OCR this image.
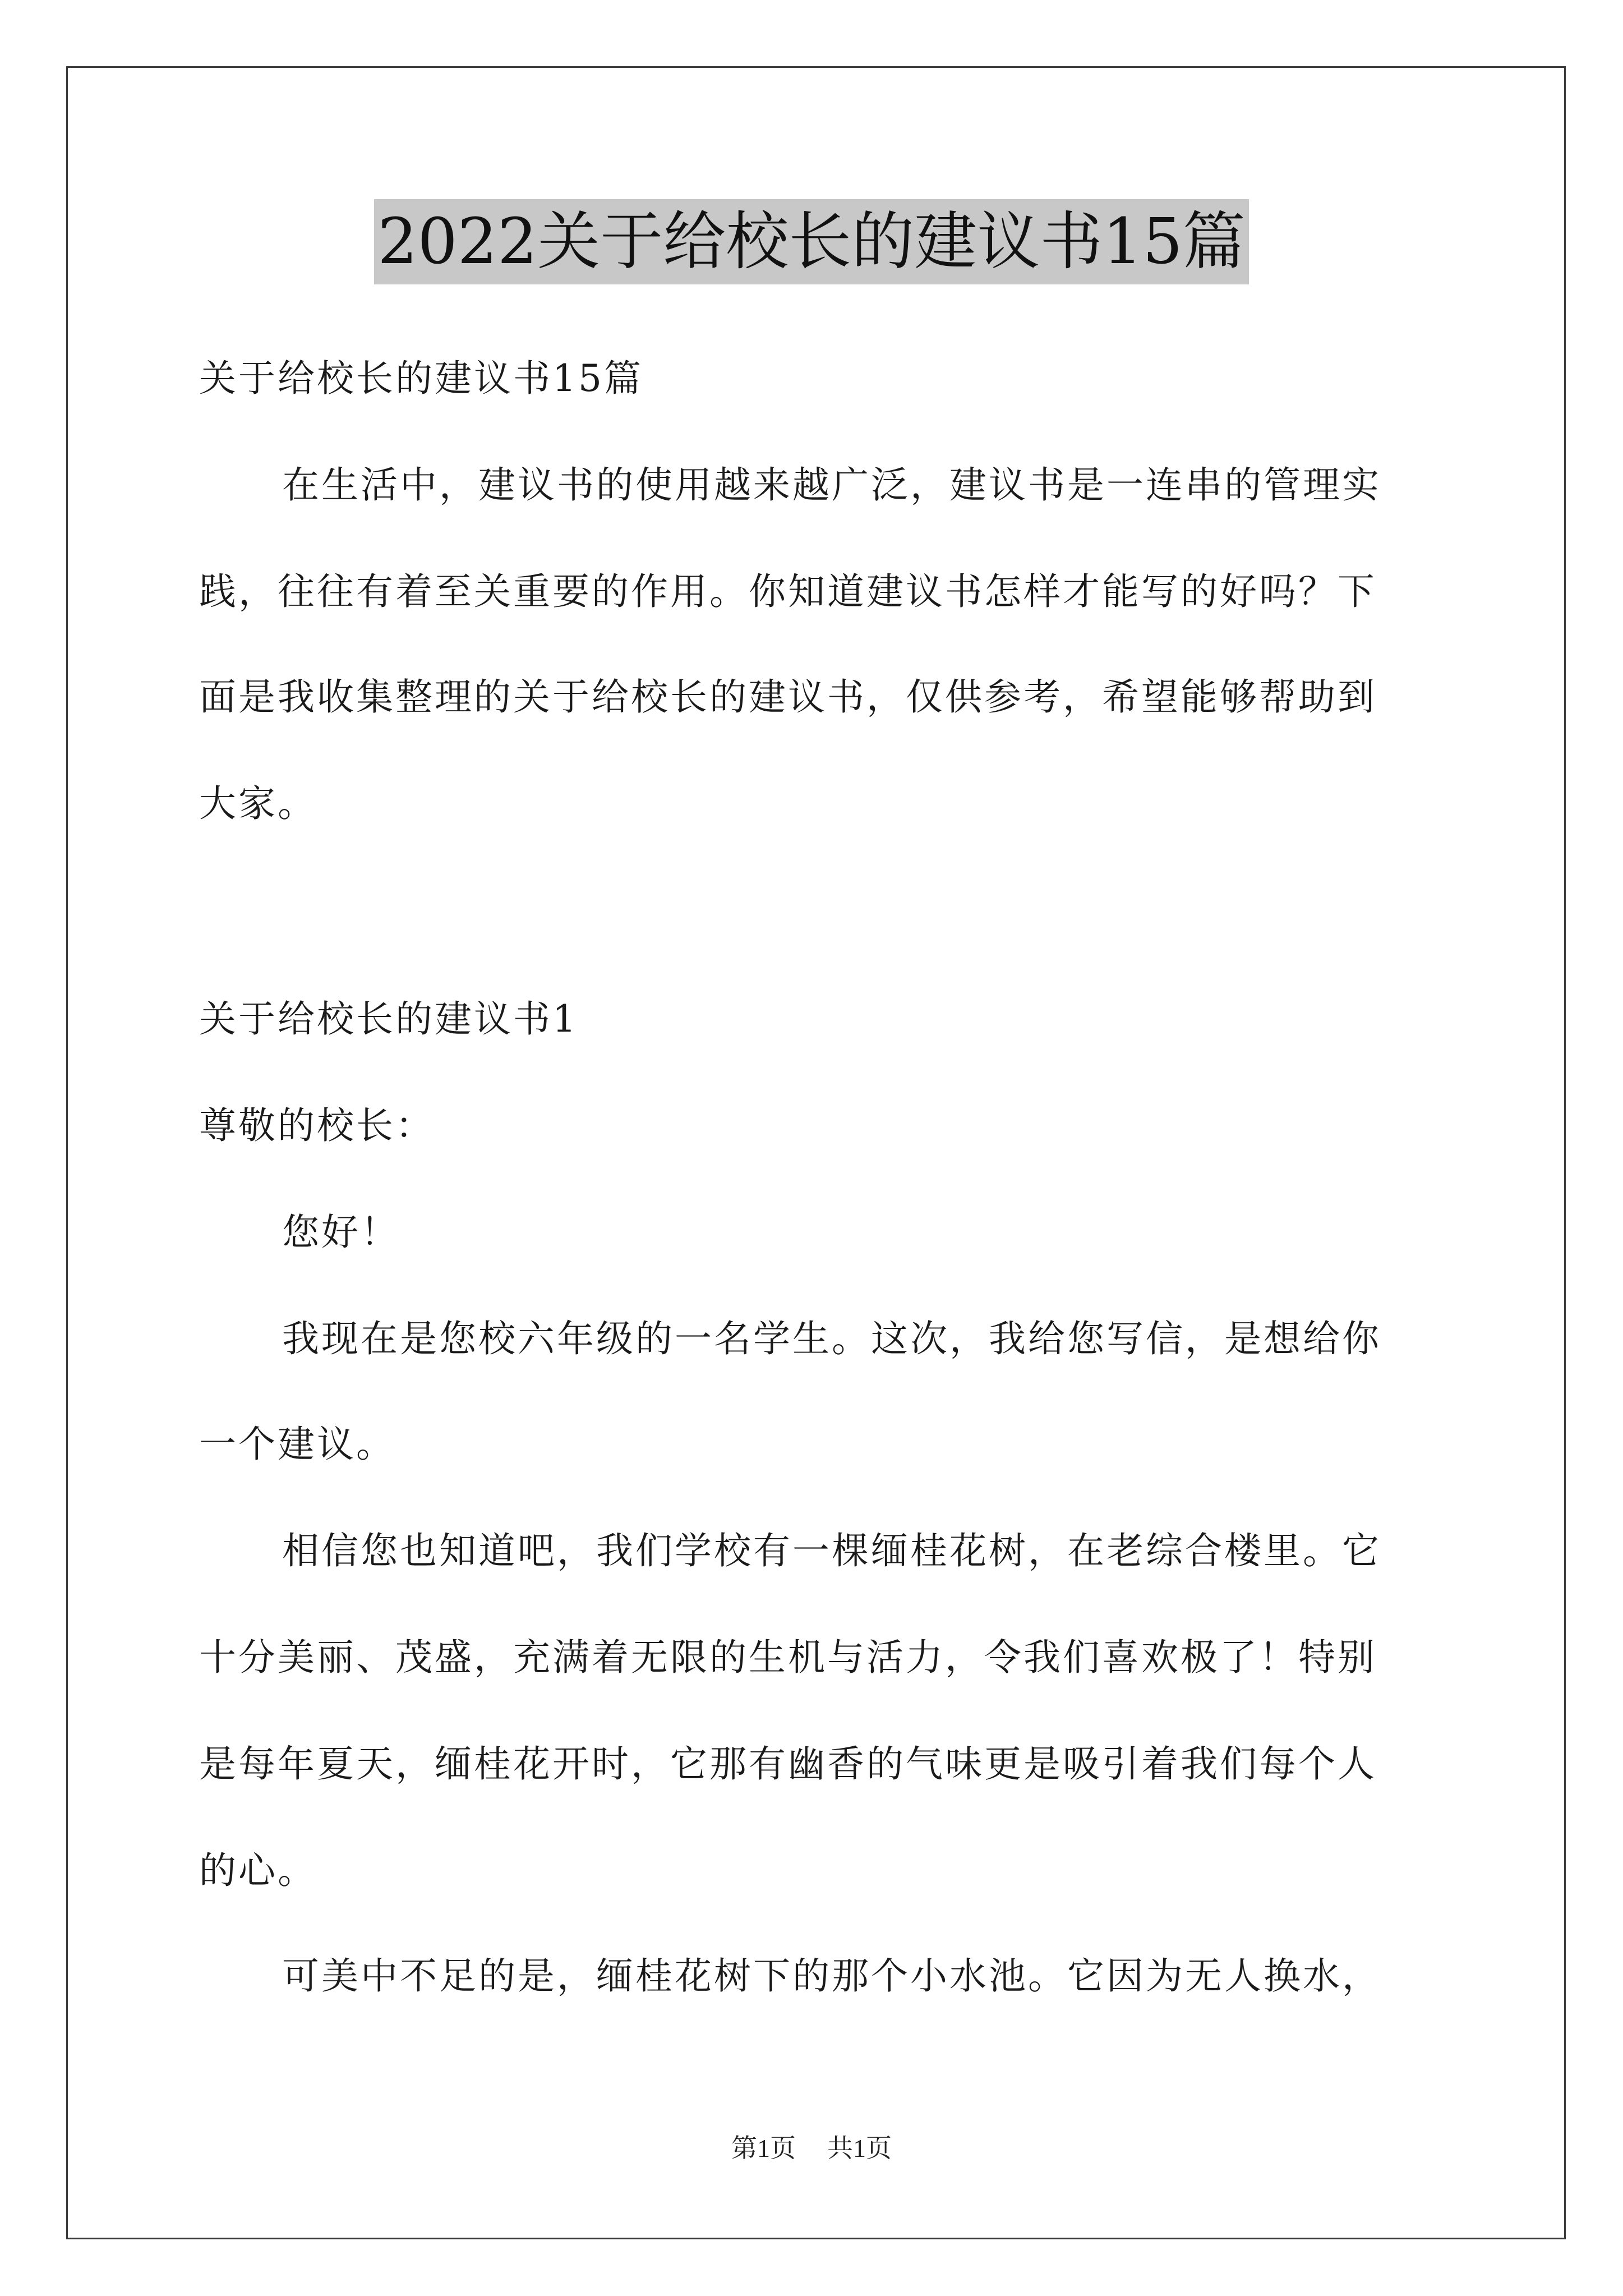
2022关于给校长的建议书15篇
关于给校长的建议书15篇
在生活中，建议书的使用越来越广泛，建议书是一连串的管理实
践，往往有着至关重要的作用。你知道建议书怎样才能写的好吗？下
面是我收集整理的关于给校长的建议书，仅供参考，希望能够帮助到
大家。
关于给校长的建议书1
尊敬的校长：
您好！
我现在是您校六年级的一名学生。这次，我给您写信，是想给你
一个建议。
相信您也知道吧，我们学校有一棵缅桂花树，在老综合楼里。它
十分美丽、茂盛，充满着无限的生机与活力，令我们喜欢极了！特别
是每年夏天，缅桂花开时，它那有幽香的气味更是吸引着我们每个人
的心。
可美中不足的是，缅桂花树下的那个小水池。它因为无人换水，
第1页 共1页
